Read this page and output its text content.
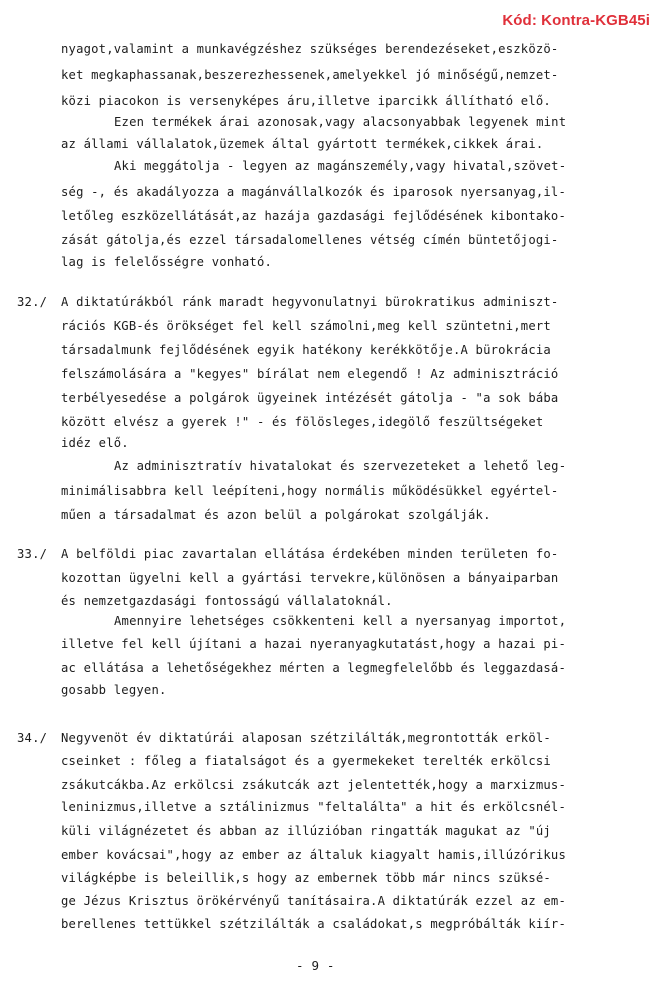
Kód: Kontra-KGB45i
nyagot,valamint a munkavégzéshez szükséges berendezéseket,eszközö-
ket megkaphassanak,beszerezhessenek,amelyekkel jó minőségű,nemzet-
közi piacokon is versenyképes áru,illetve iparcikk állítható elő.
Ezen termékek árai azonosak,vagy alacsonyabbak legyenek mint
az állami vállalatok,üzemek által gyártott termékek,cikkek árai.
Aki meggátolja - legyen az magánszemély,vagy hivatal,szövet-
ség -, és akadályozza a magánvállalkozók és iparosok nyersanyag,il-
letőleg eszközellátását,az hazája gazdasági fejlődésének kibontako-
zását gátolja,és ezzel társadalomellenes vétség címén büntetőjogi-
lag is felelősségre vonható.
32./ A diktatúrákból ránk maradt hegyvonulatnyi bürokratikus adminiszt-
rációs KGB-és örökséget fel kell számolni,meg kell szüntetni,mert
társadalmunk fejlődésének egyik hatékony kerékkötője.A bürokrácia
felszámolására a "kegyes" bírálat nem elegendő ! Az adminisztráció
terbélyesedése a polgárok ügyeinek intézését gátolja - "a sok bába
között elvész a gyerek !" - és fölösleges,idegölő feszültségeket
idéz elő.
Az adminisztratív hivatalokat és szervezeteket a lehető leg-
minimálisabbra kell leépíteni,hogy normális működésükkel egyértel-
műen a társadalmat és azon belül a polgárokat szolgálják.
33./ A belföldi piac zavartalan ellátása érdekében minden területen fo-
kozottan ügyelni kell a gyártási tervekre,különösen a bányaiparban
és nemzetgazdasági fontosságú vállalatoknál.
Amennyire lehetséges csökkenteni kell a nyersanyag importot,
illetve fel kell újítani a hazai nyeranyagkutatást,hogy a hazai pi-
ac ellátása a lehetőségekhez mérten a legmegfelelőbb és leggazdasá-
gosabb legyen.
34./ Negyvenöt év diktatúrái alaposan szétzilálták,megrontották erköl-
cseinket : főleg a fiatalságot és a gyermekeket terelték erkölcsi
zsákutcákba.Az erkölcsi zsákutcák azt jelentették,hogy a marxizmus-
leninizmus,illetve a sztálinizmus "feltalálta" a hit és erkölcsnél-
küli világnézetet és abban az illúzióban ringatták magukat az "új
ember kovácsai",hogy az ember az általuk kiagyalt hamis,illúzórikus
világképbe is beleillik,s hogy az embernek több már nincs szüksé-
ge Jézus Krisztus örökérvényű tanításaira.A diktatúrák ezzel az em-
berellenes tettükkel szétzilálták a családokat,s megpróbálták kiír-
- 9 -
